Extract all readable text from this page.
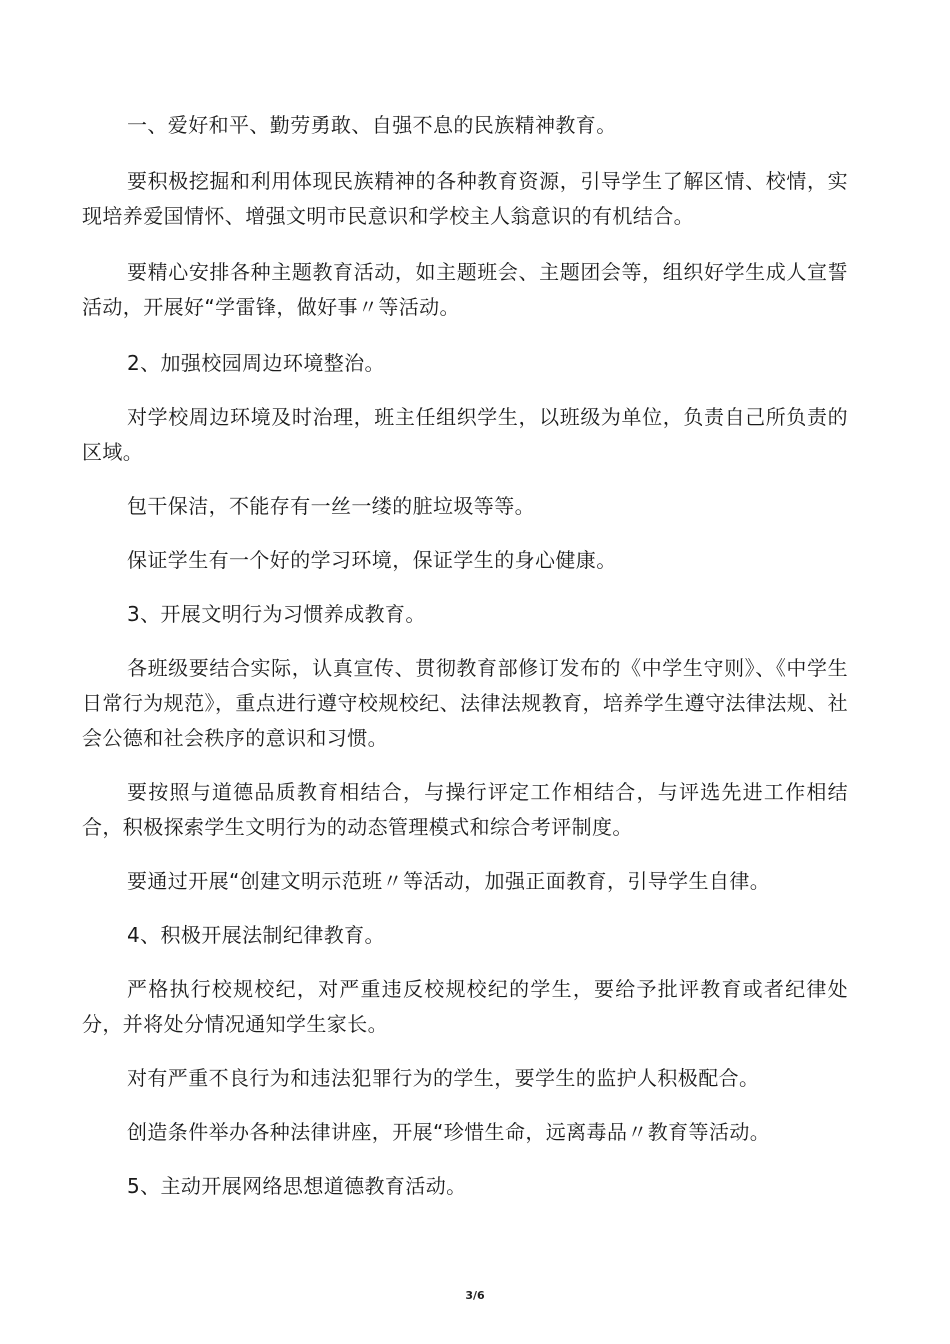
一、爱好和平、勤劳勇敢、自强不息的民族精神教育。

要积极挖掘和利用体现民族精神的各种教育资源，引导学生了解区情、校情，实现培养爱国情怀、增强文明市民意识和学校主人翁意识的有机结合。

要精心安排各种主题教育活动，如主题班会、主题团会等，组织好学生成人宣誓活动，开展好“学雷锋，做好事〃等活动。

2、加强校园周边环境整治。

对学校周边环境及时治理，班主任组织学生，以班级为单位，负责自己所负责的区域。

包干保洁，不能存有一丝一缕的脏垃圾等等。

保证学生有一个好的学习环境，保证学生的身心健康。

3、开展文明行为习惯养成教育。

各班级要结合实际，认真宣传、贯彻教育部修订发布的《中学生守则》、《中学生日常行为规范》，重点进行遵守校规校纪、法律法规教育，培养学生遵守法律法规、社会公德和社会秩序的意识和习惯。

要按照与道德品质教育相结合，与操行评定工作相结合，与评选先进工作相结合，积极探索学生文明行为的动态管理模式和综合考评制度。

要通过开展“创建文明示范班〃等活动，加强正面教育，引导学生自律。

4、积极开展法制纪律教育。

严格执行校规校纪，对严重违反校规校纪的学生，要给予批评教育或者纪律处分，并将处分情况通知学生家长。

对有严重不良行为和违法犯罪行为的学生，要学生的监护人积极配合。

创造条件举办各种法律讲座，开展“珍惜生命，远离毒品〃教育等活动。

5、主动开展网络思想道德教育活动。

3/6
